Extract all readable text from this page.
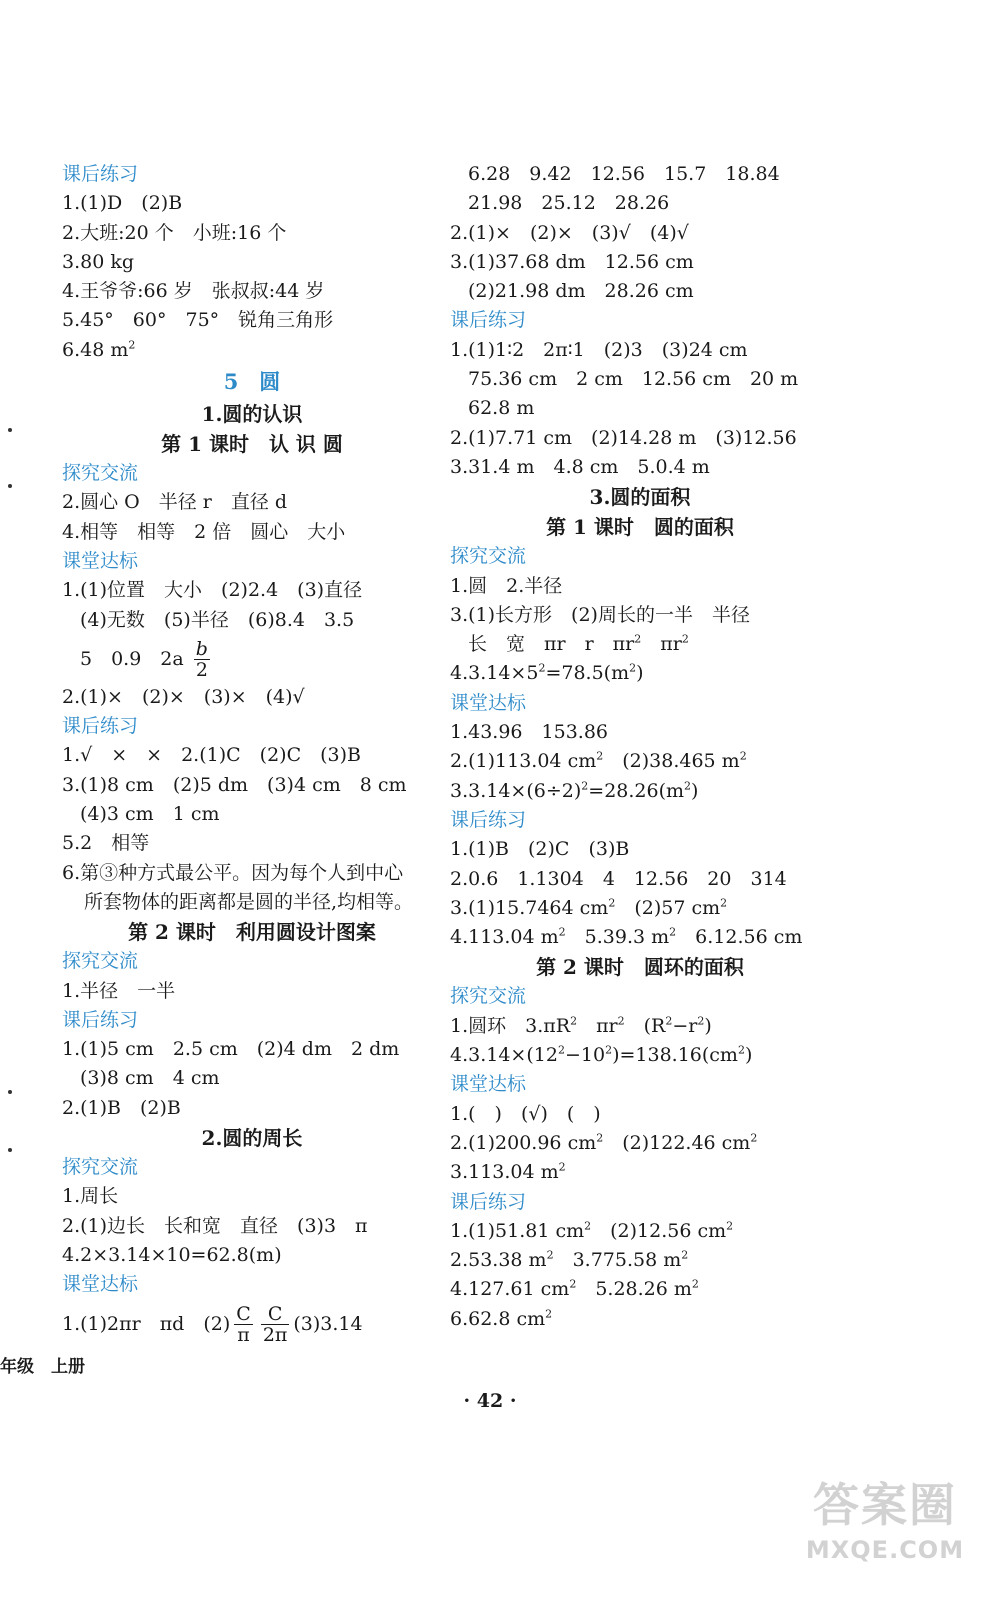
课后练习
1.(1)D　(2)B
2.大班:20 个　小班:16 个
3.80 kg
4.王爷爷:66 岁　张叔叔:44 岁
5.45°　60°　75°　锐角三角形
6.48 $m^2$
5　圆
1.圆的认识
第 1 课时　认 识 圆
探究交流
2.圆心 O　半径 r　直径 d
4.相等　相等　2 倍　圆心　大小
课堂达标
1.(1)位置　大小　(2)2.4　(3)直径
(4)无数　(5)半径　(6)8.4　3.5
5　0.9　$2a \frac{b}{2}$
2.(1)×　(2)×　(3)×　(4)√
课后练习
1.√　×　×　2.(1)C　(2)C　(3)B
3.(1)8 cm　(2)5 dm　(3)4 cm　8 cm
(4)3 cm　1 cm
5.2　相等
6.第③种方式最公平。因为每个人到中心
所套物体的距离都是圆的半径,均相等。
第 2 课时　利用圆设计图案
探究交流
1.半径　一半
课后练习
1.(1)5 cm　2.5 cm　(2)4 dm　2 dm
(3)8 cm　4 cm
2.(1)B　(2)B
2.圆的周长
探究交流
1.周长
2.(1)边长　长和宽　直径　(3)3　π
4.2×3.14×10=62.8(m)
课堂达标
1.(1)2πr　πd　$(2) \frac{C}{\pi} \frac{C}{2\pi} (3)3.14$
6.28　9.42　12.56　15.7　18.84
21.98　25.12　28.26
2.(1)×　(2)×　(3)√　(4)√
3.(1)37.68 dm　12.56 cm
(2)21.98 dm　28.26 cm
课后练习
1.(1)1∶2　2π∶1　(2)3　(3)24 cm
75.36 cm　2 cm　12.56 cm　20 m
62.8 m
2.(1)7.71 cm　(2)14.28 m　(3)12.56
3.31.4 m　4.8 cm　5.0.4 m
3.圆的面积
第 1 课时　圆的面积
探究交流
1.圆　2.半径
3.(1)长方形　(2)周长的一半　半径
长　宽　πr　r　$\pi r^2$　$\pi r^2$
$4.3.14\times 5^2=78.5(m^2)$
课堂达标
1.43.96　153.86
2.(1)113.04 $cm^2$　(2)38.465 $m^2$
$3.3.14\times(6\div 2)^2=28.26(m^2)$
课后练习
1.(1)B　(2)C　(3)B
2.0.6　1.1304　4　12.56　20　314
3.(1)15.7464 $cm^2$　(2)57 $cm^2$
4.113.04 $m^2$　5.39.3 $m^2$　6.12.56 cm
第 2 课时　圆环的面积
探究交流
1.圆环　$3.\pi R^2$　$\pi r^2$　$(R^2-r^2)$
$4.3.14\times(12^2-10^2)=138.16(cm^2)$
课堂达标
1.(　)　(√)　(　)
2.(1)200.96 $cm^2$　(2)122.46 $cm^2$
3.113.04 $m^2$
课后练习
1.(1)51.81 $cm^2$　(2)12.56 $cm^2$
2.53.38 $m^2$　3.775.58 $m^2$
4.127.61 $cm^2$　5.28.26 $m^2$
6.62.8 $cm^2$
年级　上册
· 42 ·
答案圈
MXQE.COM
